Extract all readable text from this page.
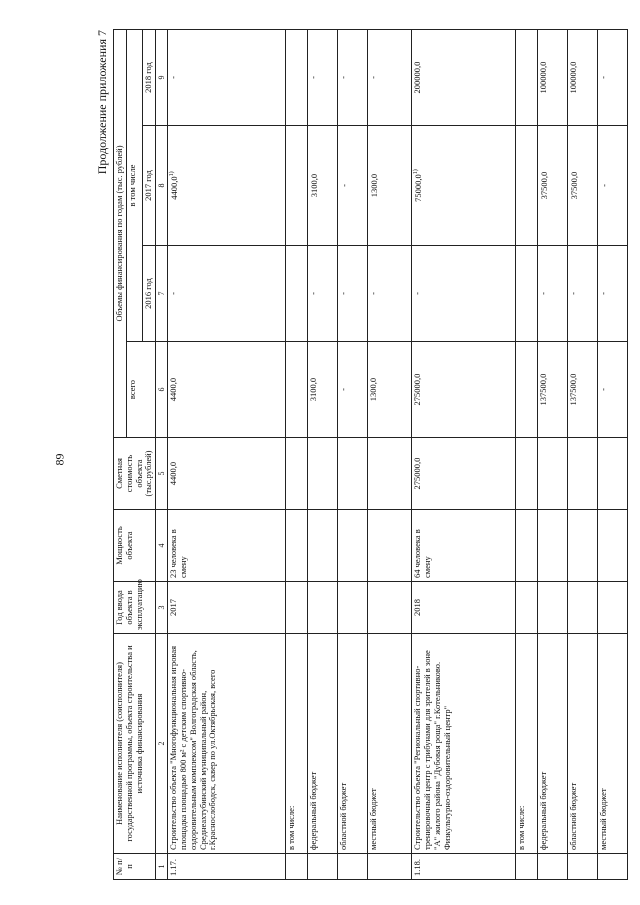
89
Продолжение приложения 7
№ п/п	Наименование исполнителя (соисполнителя) государственной программы, объекта строительства и источника финансирования	Год ввода объекта в эксплуатацию	Мощность объекта	Сметная стоимость объекта (тыс.рублей)	Объемы финансирования по годам (тыс. рублей)			
					всего	в том числе		
						2016 год	2017 год	2018 год
1	2	3	4	5	6	7	8	9
1.17.	Строительство объекта "Многофункциональная игровая площадка площадью 800 м² с детским спортивно-оздоровительным комплексом" Волгоградская область, Среднеахтубинский муниципальный район, г.Краснослободск, сквер по ул.Октябрьская, всего	2017	23 человека в смену	4400,0	4400,0	-	4400,0$^{1)}$	-
	в том числе:							
	федеральный бюджет				3100,0	-	3100,0	-
	областной бюджет				-	-	-	-
	местный бюджет				1300,0	-	1300,0	-
1.18.	Строительство объекта "Региональный спортивно-тренировочный центр с трибунами для зрителей в зоне "А" жилого района "Дубовая роща" г.Котельниково. Физкультурно-оздоровительный центр"	2018	64 человека в смену	275000,0	275000,0	-	75000,0$^{1)}$	200000,0
	в том числе:							
	федеральный бюджет				137500,0	-	37500,0	100000,0
	областной бюджет				137500,0	-	37500,0	100000,0
	местный бюджет				-	-	-	-
